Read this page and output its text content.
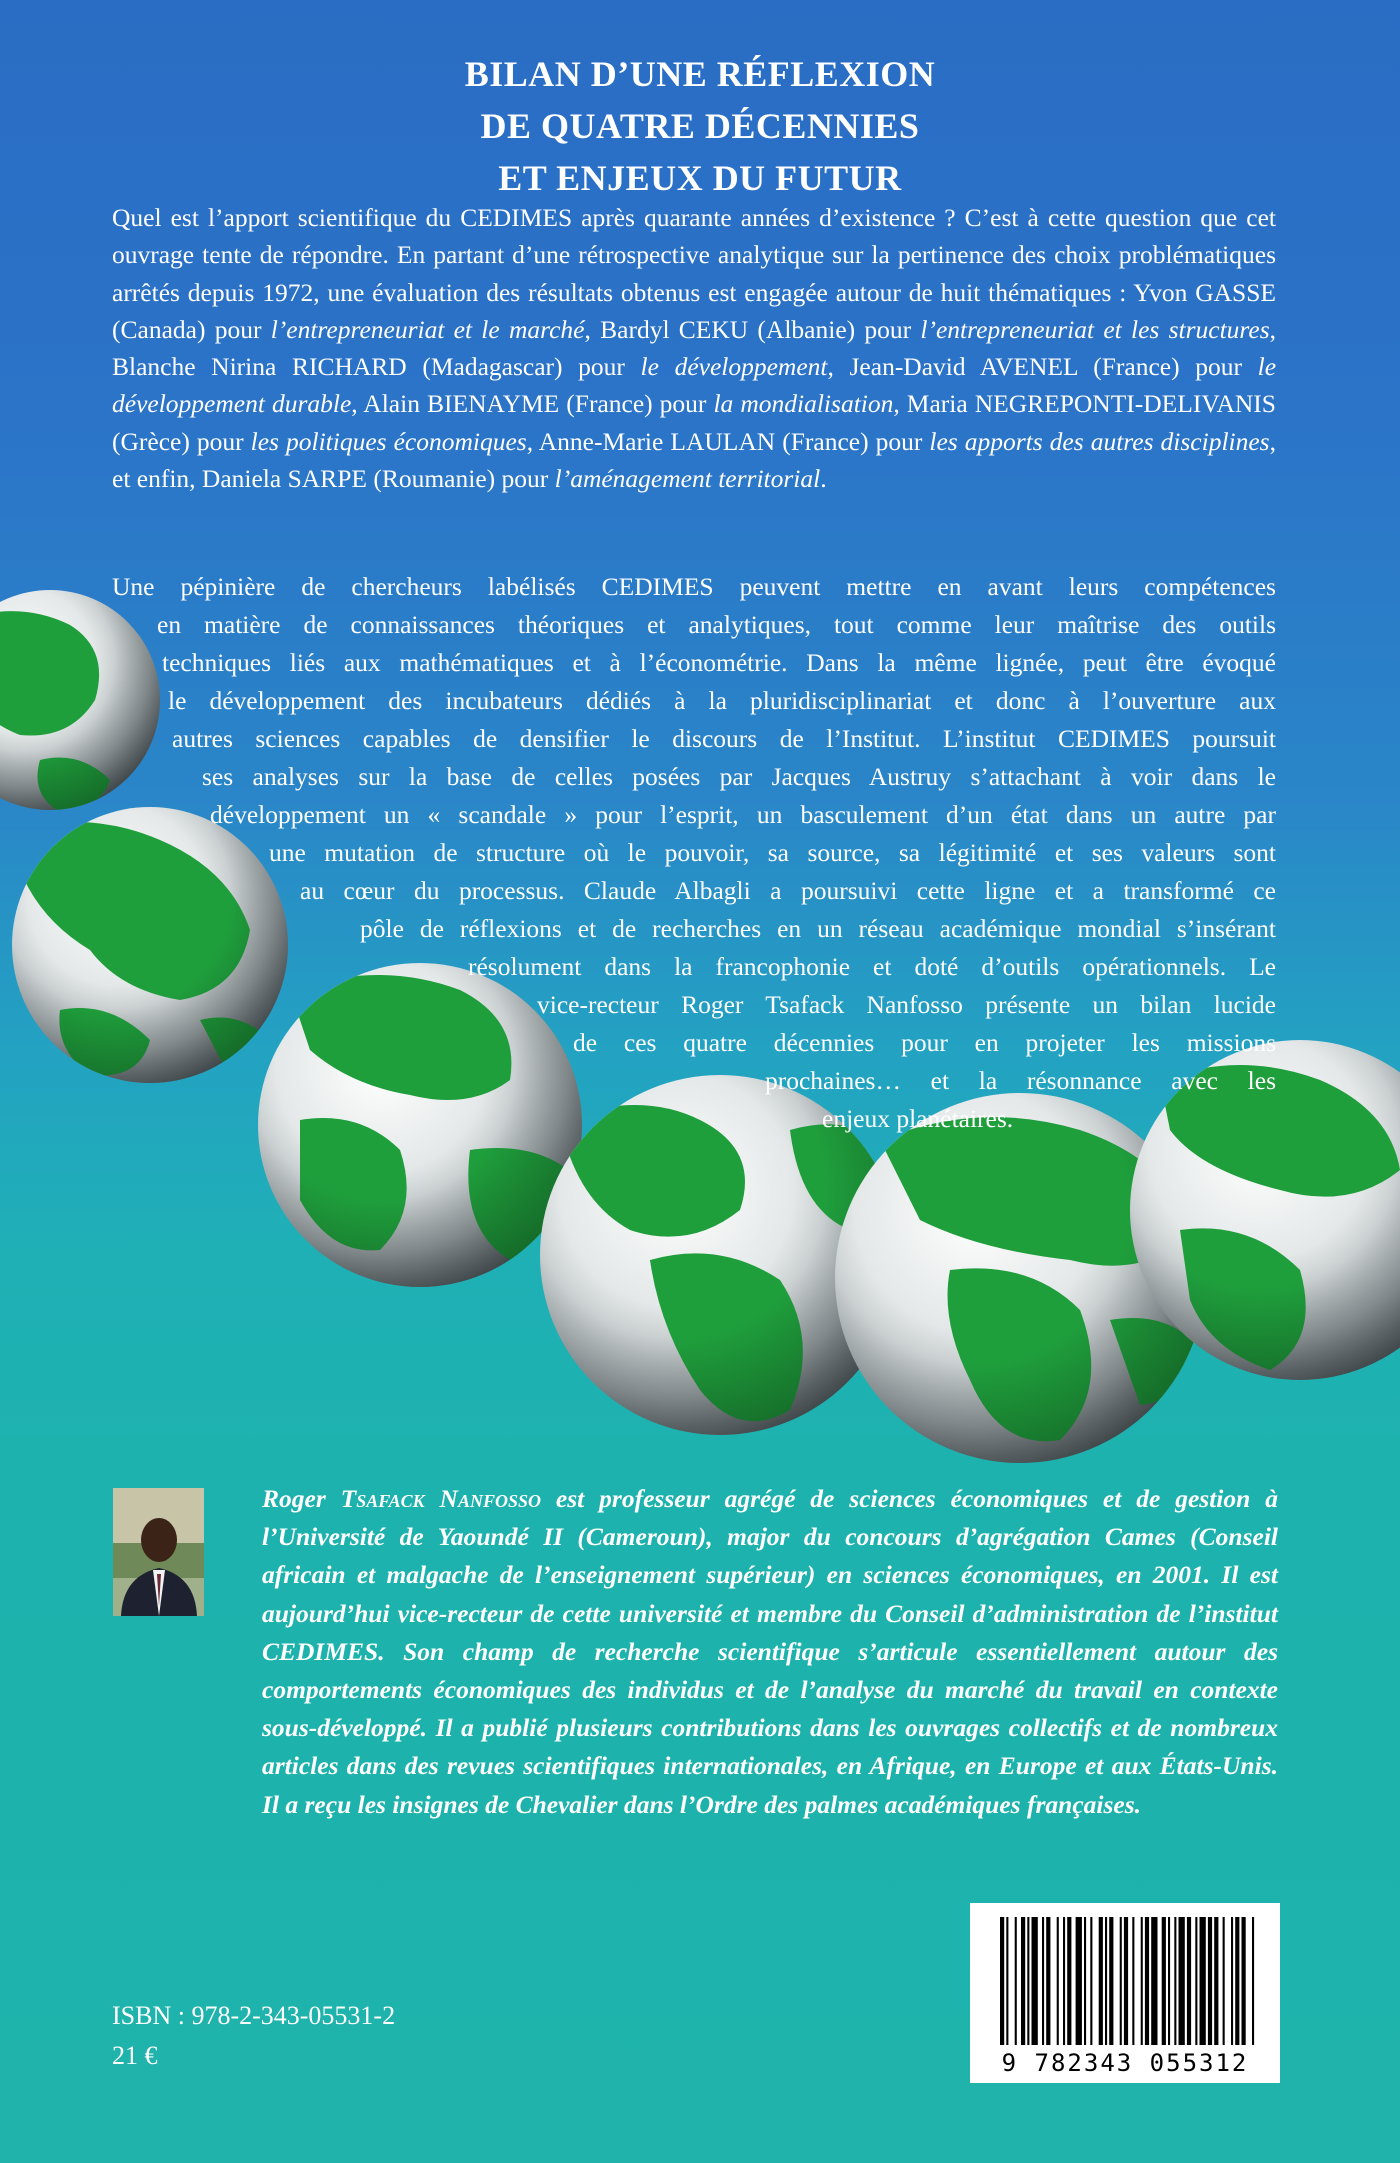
BILAN D’UNE RÉFLEXION
DE QUATRE DÉCENNIES
ET ENJEUX DU FUTUR
Quel est l’apport scientifique du CEDIMES après quarante années d’existence ? C’est à cette question que cet ouvrage tente de répondre. En partant d’une rétrospective analytique sur la pertinence des choix problématiques arrêtés depuis 1972, une évaluation des résultats obtenus est engagée autour de huit thématiques : Yvon GASSE (Canada) pour l’entrepreneuriat et le marché, Bardyl CEKU (Albanie) pour l’entrepreneuriat et les structures, Blanche Nirina RICHARD (Madagascar) pour le développement, Jean-David AVENEL (France) pour le développement durable, Alain BIENAYME (France) pour la mondialisation, Maria NEGREPONTI-DELIVANIS (Grèce) pour les politiques économiques, Anne-Marie LAULAN (France) pour les apports des autres disciplines, et enfin, Daniela SARPE (Roumanie) pour l’aménagement territorial.
Une pépinière de chercheurs labélisés CEDIMES peuvent mettre en avant leurs compétences
en matière de connaissances théoriques et analytiques, tout comme leur maîtrise des outils
techniques liés aux mathématiques et à l’économétrie. Dans la même lignée, peut être évoqué
le développement des incubateurs dédiés à la pluridisciplinariat et donc à l’ouverture aux
autres sciences capables de densifier le discours de l’Institut. L’institut CEDIMES poursuit
ses analyses sur la base de celles posées par Jacques Austruy s’attachant à voir dans le
développement un « scandale » pour l’esprit, un basculement d’un état dans un autre par
une mutation de structure où le pouvoir, sa source, sa légitimité et ses valeurs sont
au cœur du processus. Claude Albagli a poursuivi cette ligne et a transformé ce
pôle de réflexions et de recherches en un réseau académique mondial s’insérant
résolument dans la francophonie et doté d’outils opérationnels. Le
vice-recteur Roger Tsafack Nanfosso présente un bilan lucide
de ces quatre décennies pour en projeter les missions
prochaines… et la résonnance avec les
enjeux planétaires.
Roger Tsafack Nanfosso est professeur agrégé de sciences économiques et de gestion à l’Université de Yaoundé II (Cameroun), major du concours d’agrégation Cames (Conseil africain et malgache de l’enseignement supérieur) en sciences économiques, en 2001. Il est aujourd’hui vice-recteur de cette université et membre du Conseil d’administration de l’institut CEDIMES. Son champ de recherche scientifique s’articule essentiellement autour des comportements économiques des individus et de l’analyse du marché du travail en contexte sous-développé. Il a publié plusieurs contributions dans les ouvrages collectifs et de nombreux articles dans des revues scientifiques internationales, en Afrique, en Europe et aux États-Unis. Il a reçu les insignes de Chevalier dans l’Ordre des palmes académiques françaises.
9 782343 055312
ISBN : 978-2-343-05531-2
21 €
